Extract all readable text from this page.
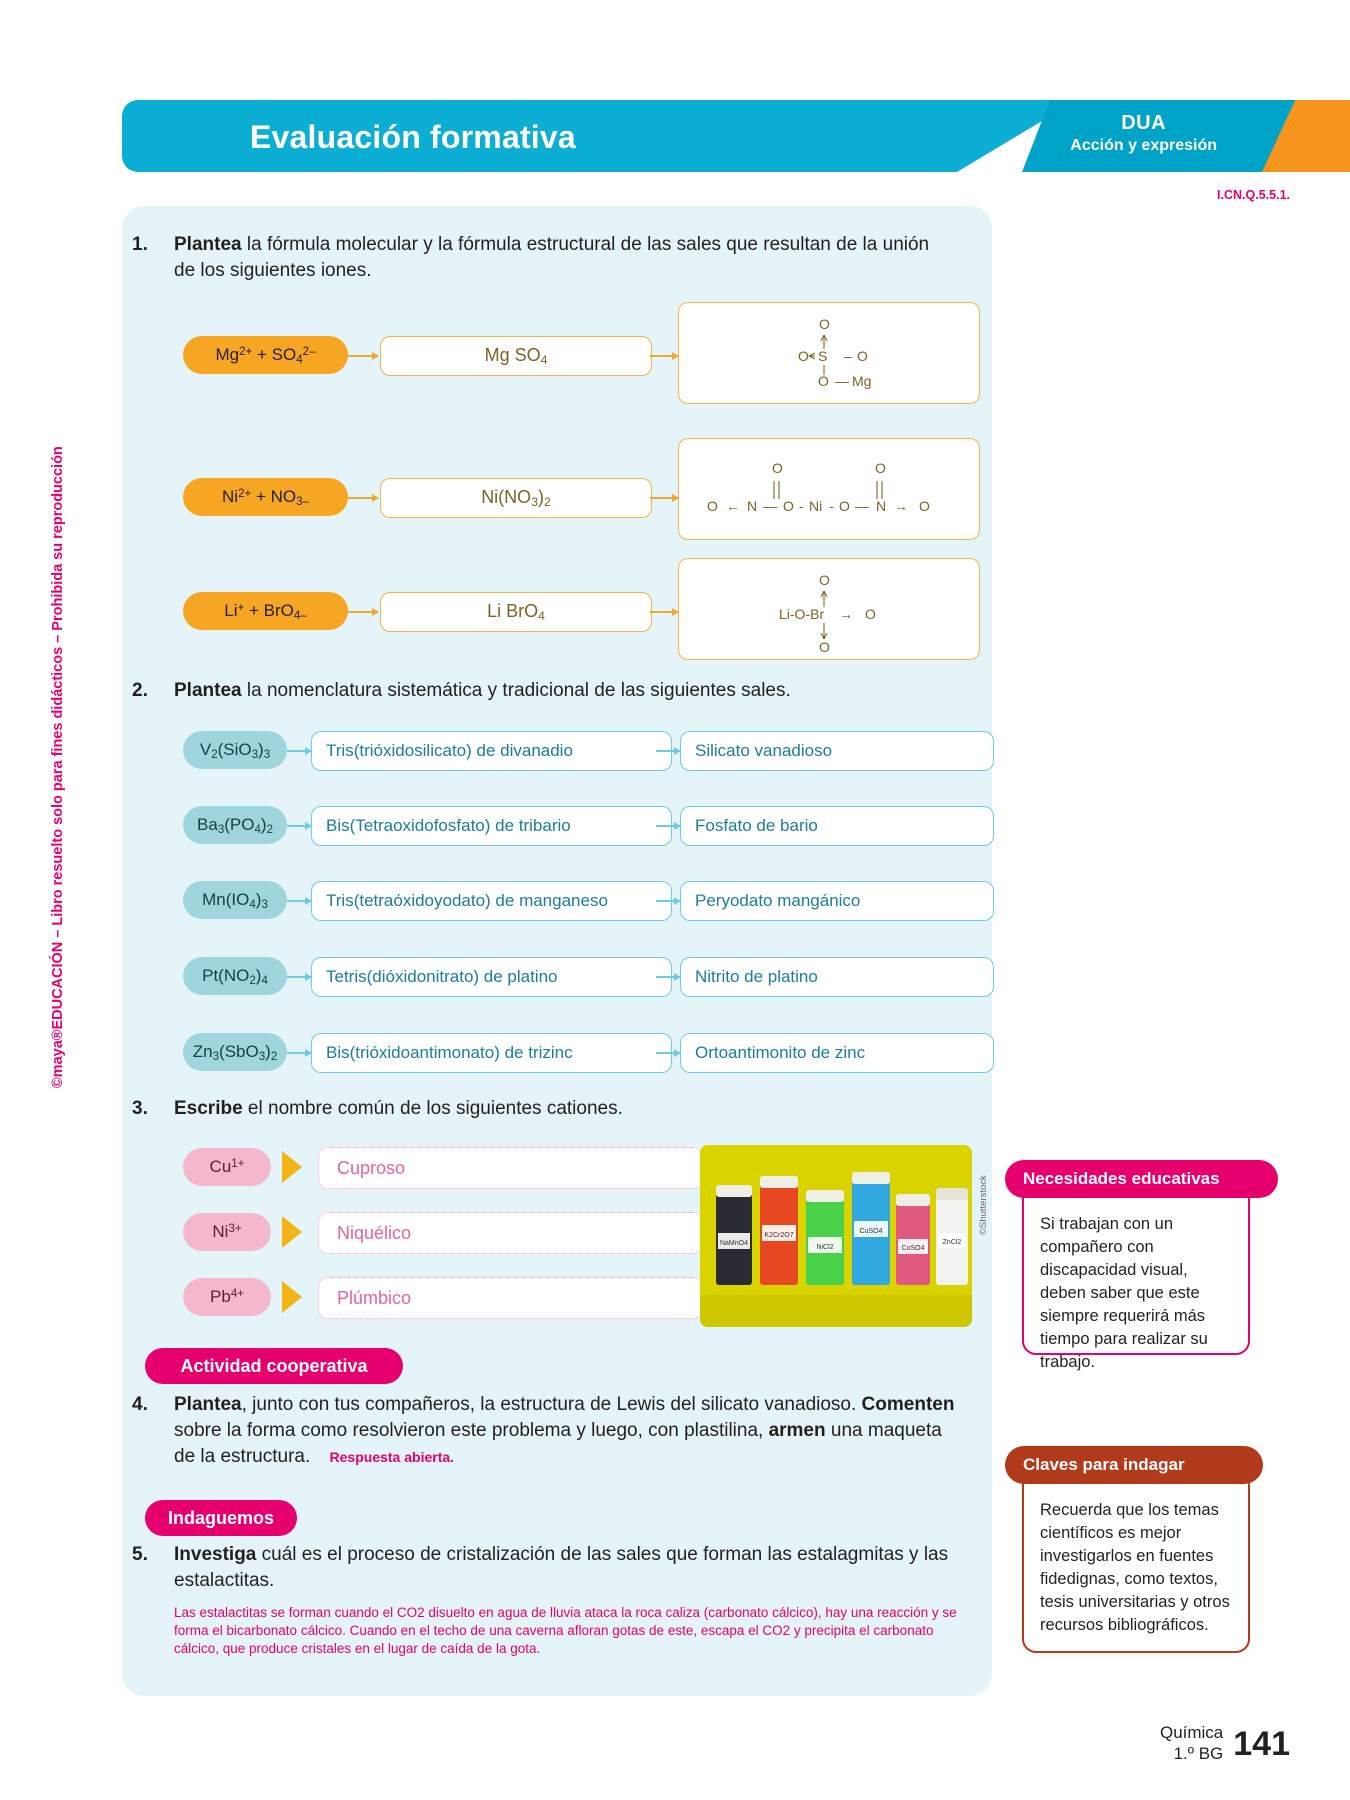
Evaluación formativa	DUA
Acción y expresión
I.CN.Q.5.5.1.
©maya®EDUCACIÓN – Libro resuelto solo para fines didácticos – Prohibida su reproducción
1. Plantea la fórmula molecular y la fórmula estructural de las sales que resultan de la unión de los siguientes iones.
$Mg^{2+} + SO_4^{2-}$	Mg $SO_4$
O
O S – O
O — Mg
$Ni^{2+} + NO_{3-}$	$Ni(NO_3)_2$
O	O
O ← N — O - Ni - O — N → O
Li+ + BrO$_{4-}$	Li BrO$_4$
O
Li-O-Br → O
O
2. Plantea la nomenclatura sistemática y tradicional de las siguientes sales.
$V_2(SiO_3)_3$	Tris(trióxidosilicato) de divanadio	Silicato vanadioso
$Ba_3(PO_4)_2$	Bis(Tetraoxidofosfato) de tribario	Fosfato de bario
$Mn(IO_4)_3$	Tris(tetraóxidoyodato) de manganeso	Peryodato mangánico
$Pt(NO_2)_4$	Tetris(dióxidonitrato) de platino	Nitrito de platino
$Zn_3(SbO_3)_2$	Bis(trióxidoantimonato) de trizinc	Ortoantimonito de zinc
3. Escribe el nombre común de los siguientes cationes.
$Cu^{1+}$	Cuproso
$Ni^{3+}$	Niquélico
$Pb^{4+}$	Plúmbico
NaMnO4
K2Cr2O7
NiCl2
CuSO4
CoSO4
ZnCl2
©Shutterstock
Actividad cooperativa
4. Plantea, junto con tus compañeros, la estructura de Lewis del silicato vanadioso. Comenten sobre la forma como resolvieron este problema y luego, con plastilina, armen una maqueta de la estructura. Respuesta abierta.
Indaguemos
5. Investiga cuál es el proceso de cristalización de las sales que forman las estalagmitas y las estalactitas.
Las estalactitas se forman cuando el CO2 disuelto en agua de lluvia ataca la roca caliza (carbonato cálcico), hay una reacción y se forma el bicarbonato cálcico. Cuando en el techo de una caverna afloran gotas de este, escapa el CO2 y precipita el carbonato cálcico, que produce cristales en el lugar de caída de la gota.
Necesidades educativas
Si trabajan con un compañero con discapacidad visual, deben saber que este siempre requerirá más tiempo para realizar su trabajo.
Claves para indagar
Recuerda que los temas científicos es mejor investigarlos en fuentes fidedignas, como textos, tesis universitarias y otros recursos bibliográficos.
Química
1.º BG 141
